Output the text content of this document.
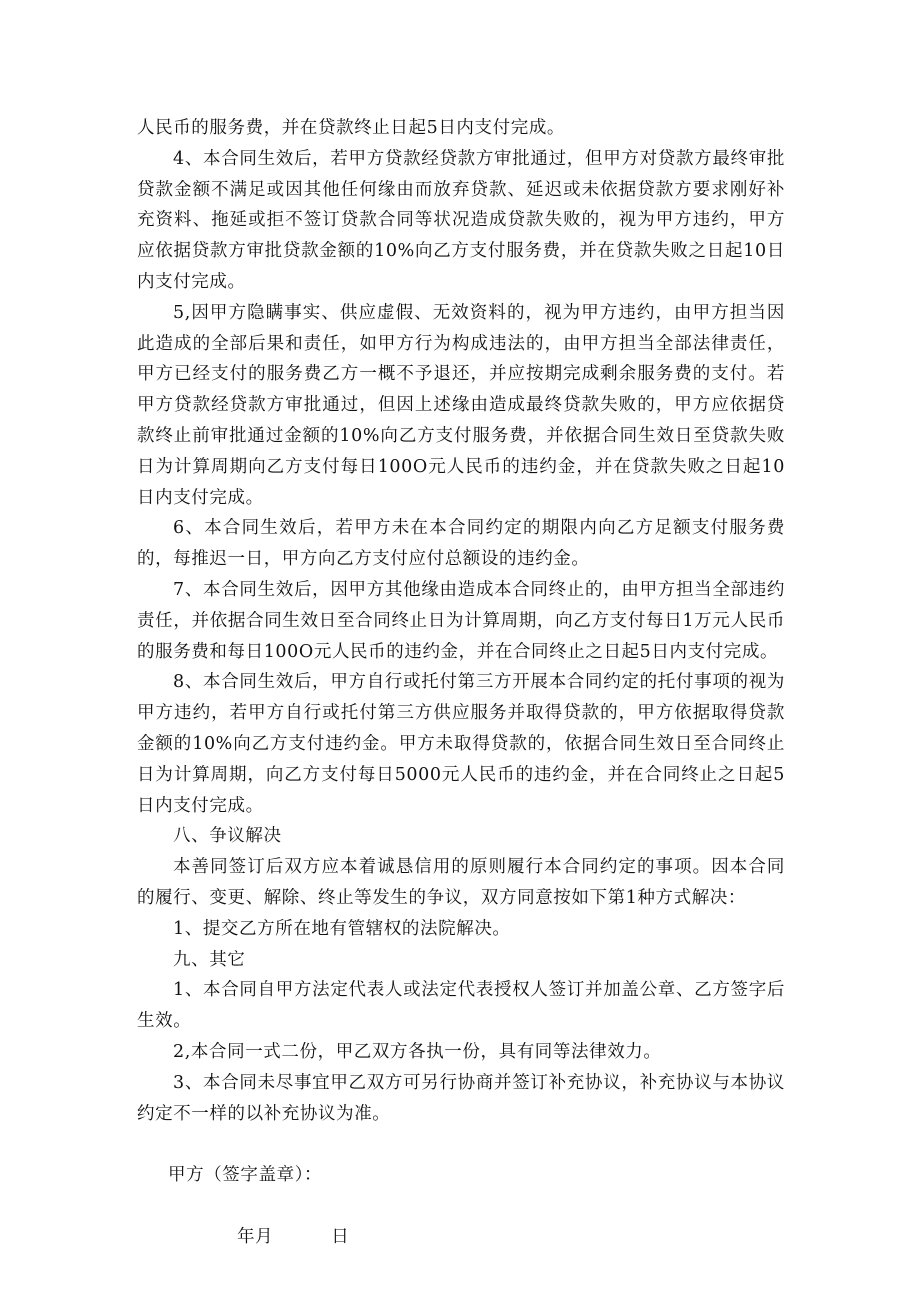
人民币的服务费，并在贷款终止日起5日内支付完成。

4、本合同生效后，若甲方贷款经贷款方审批通过，但甲方对贷款方最终审批贷款金额不满足或因其他任何缘由而放弃贷款、延迟或未依据贷款方要求刚好补充资料、拖延或拒不签订贷款合同等状况造成贷款失败的，视为甲方违约，甲方应依据贷款方审批贷款金额的10%向乙方支付服务费，并在贷款失败之日起10日内支付完成。

5,因甲方隐瞒事实、供应虚假、无效资料的，视为甲方违约，由甲方担当因此造成的全部后果和责任，如甲方行为构成违法的，由甲方担当全部法律责任，甲方已经支付的服务费乙方一概不予退还，并应按期完成剩余服务费的支付。若甲方贷款经贷款方审批通过，但因上述缘由造成最终贷款失败的，甲方应依据贷款终止前审批通过金额的10%向乙方支付服务费，并依据合同生效日至贷款失败日为计算周期向乙方支付每日100O元人民币的违约金，并在贷款失败之日起10日内支付完成。

6、本合同生效后，若甲方未在本合同约定的期限内向乙方足额支付服务费的，每推迟一日，甲方向乙方支付应付总额设的违约金。

7、本合同生效后，因甲方其他缘由造成本合同终止的，由甲方担当全部违约责任，并依据合同生效日至合同终止日为计算周期，向乙方支付每日1万元人民币的服务费和每日100O元人民币的违约金，并在合同终止之日起5日内支付完成。

8、本合同生效后，甲方自行或托付第三方开展本合同约定的托付事项的视为甲方违约，若甲方自行或托付第三方供应服务并取得贷款的，甲方依据取得贷款金额的10%向乙方支付违约金。甲方未取得贷款的，依据合同生效日至合同终止日为计算周期，向乙方支付每日5000元人民币的违约金，并在合同终止之日起5日内支付完成。

八、争议解决

本善同签订后双方应本着诚恳信用的原则履行本合同约定的事项。因本合同的履行、变更、解除、终止等发生的争议，双方同意按如下第1种方式解决：

1、提交乙方所在地有管辖权的法院解决。

九、其它

1、本合同自甲方法定代表人或法定代表授权人签订并加盖公章、乙方签字后生效。

2,本合同一式二份，甲乙双方各执一份，具有同等法律效力。

3、本合同未尽事宜甲乙双方可另行协商并签订补充协议，补充协议与本协议约定不一样的以补充协议为准。

甲方（签字盖章）：

年月	日
